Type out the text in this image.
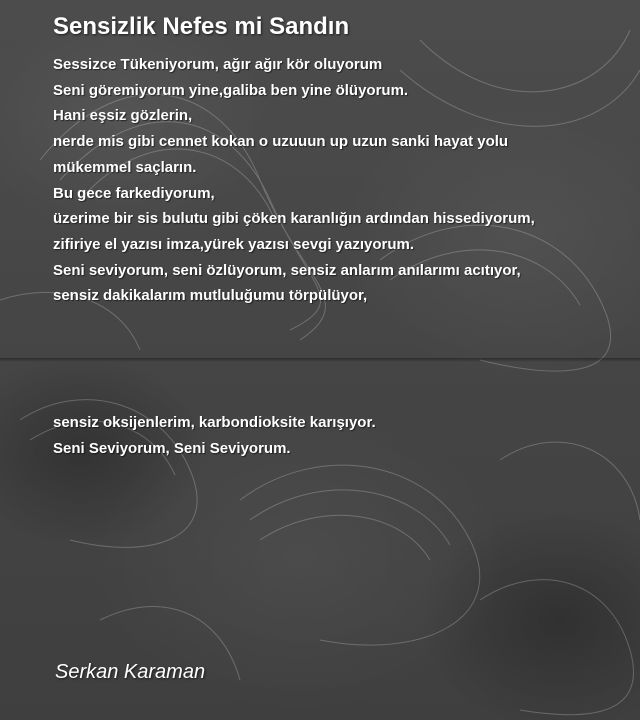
Sensizlik Nefes mi Sandın
Sessizce Tükeniyorum, ağır ağır kör oluyorum
Seni göremiyorum yine,galiba ben yine ölüyorum.
Hani eşsiz gözlerin,
nerde mis gibi cennet kokan o uzuuun up uzun sanki hayat yolu
mükemmel saçların.
Bu gece farkediyorum,
üzerime bir sis bulutu gibi çöken karanlığın ardından hissediyorum,
zifiriye el yazısı imza,yürek yazısı sevgi yazıyorum.
Seni seviyorum, seni özlüyorum, sensiz anlarım anılarımı acıtıyor,
sensiz dakikalarım mutluluğumu törpülüyor,
sensiz oksijenlerim, karbondioksite karışıyor.
Seni Seviyorum, Seni Seviyorum.
Serkan Karaman
